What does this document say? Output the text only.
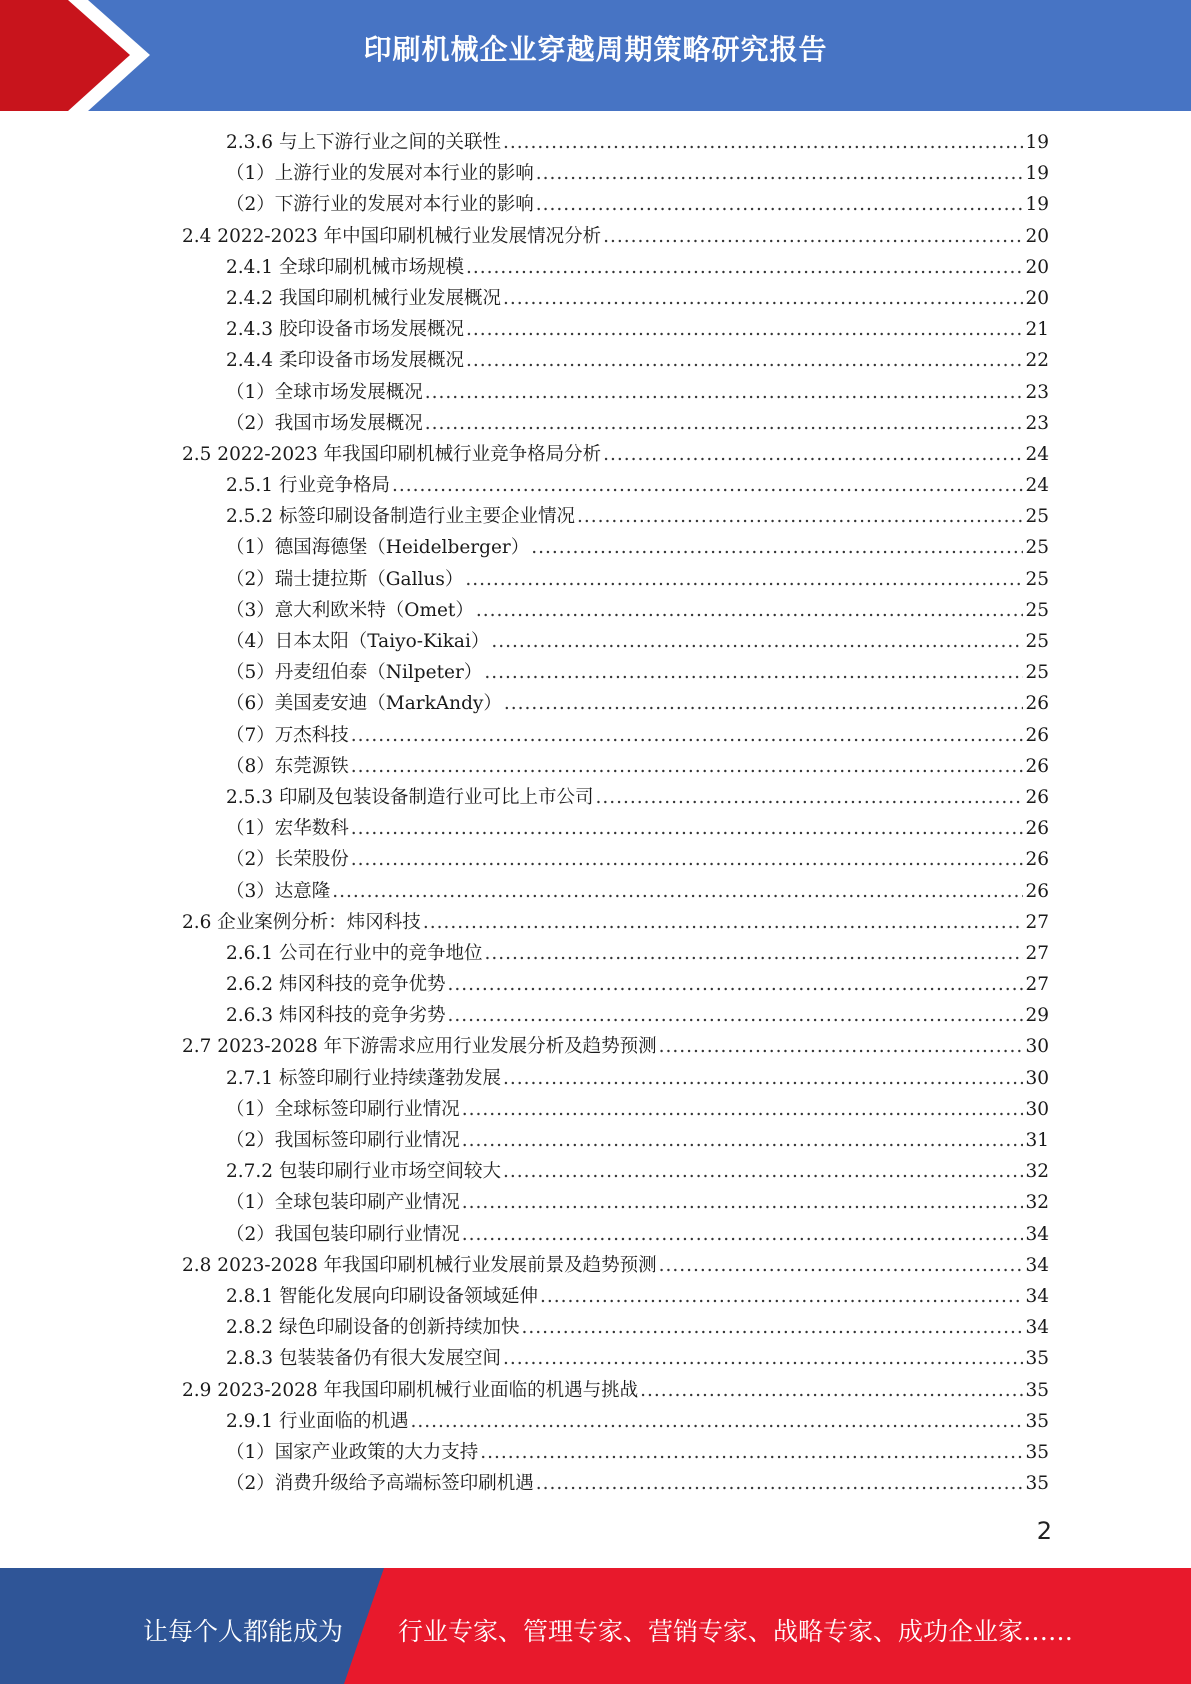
印刷机械企业穿越周期策略研究报告
2.3.6 与上下游行业之间的关联性 .....	19
（1）上游行业的发展对本行业的影响 .....	19
（2）下游行业的发展对本行业的影响 .....	19
2.4 2022-2023 年中国印刷机械行业发展情况分析 .....	20
2.4.1 全球印刷机械市场规模 .....	20
2.4.2 我国印刷机械行业发展概况 .....	20
2.4.3 胶印设备市场发展概况 .....	21
2.4.4 柔印设备市场发展概况 .....	22
（1）全球市场发展概况 .....	23
（2）我国市场发展概况 .....	23
2.5 2022-2023 年我国印刷机械行业竞争格局分析 .....	24
2.5.1 行业竞争格局 .....	24
2.5.2 标签印刷设备制造行业主要企业情况 .....	25
（1）德国海德堡（Heidelberger） .....	25
（2）瑞士捷拉斯（Gallus） .....	25
（3）意大利欧米特（Omet） .....	25
（4）日本太阳（Taiyo-Kikai） .....	25
（5）丹麦纽伯泰（Nilpeter） .....	25
（6）美国麦安迪（MarkAndy） .....	26
（7）万杰科技 .....	26
（8）东莞源铁 .....	26
2.5.3 印刷及包装设备制造行业可比上市公司 .....	26
（1）宏华数科 .....	26
（2）长荣股份 .....	26
（3）达意隆 .....	26
2.6 企业案例分析：炜冈科技 .....	27
2.6.1 公司在行业中的竞争地位 .....	27
2.6.2 炜冈科技的竞争优势 .....	27
2.6.3 炜冈科技的竞争劣势 .....	29
2.7 2023-2028 年下游需求应用行业发展分析及趋势预测 .....	30
2.7.1 标签印刷行业持续蓬勃发展 .....	30
（1）全球标签印刷行业情况 .....	30
（2）我国标签印刷行业情况 .....	31
2.7.2 包装印刷行业市场空间较大 .....	32
（1）全球包装印刷产业情况 .....	32
（2）我国包装印刷行业情况 .....	34
2.8 2023-2028 年我国印刷机械行业发展前景及趋势预测 .....	34
2.8.1 智能化发展向印刷设备领域延伸 .....	34
2.8.2 绿色印刷设备的创新持续加快 .....	34
2.8.3 包装装备仍有很大发展空间 .....	35
2.9 2023-2028 年我国印刷机械行业面临的机遇与挑战 .....	35
2.9.1 行业面临的机遇 .....	35
（1）国家产业政策的大力支持 .....	35
（2）消费升级给予高端标签印刷机遇 .....	35
2
让每个人都能成为 行业专家、管理专家、营销专家、战略专家、成功企业家……
